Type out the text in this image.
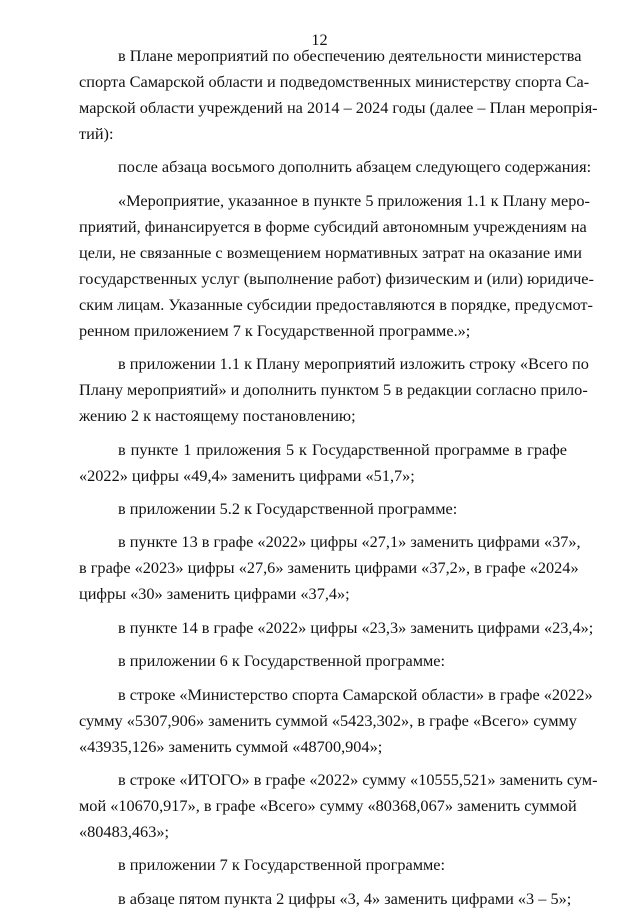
12
в Плане мероприятий по обеспечению деятельности министерства
спорта Самарской области и подведомственных министерству спорта Са-
марской области учреждений на 2014 – 2024 годы (далее – План меропрія-
тий):
после абзаца восьмого дополнить абзацем следующего содержания:
«Мероприятие, указанное в пункте 5 приложения 1.1 к Плану меро-
приятий, финансируется в форме субсидий автономным учреждениям на
цели, не связанные с возмещением нормативных затрат на оказание ими
государственных услуг (выполнение работ) физическим и (или) юридиче-
ским лицам. Указанные субсидии предоставляются в порядке, предусмот-
ренном приложением 7 к Государственной программе.»;
в приложении 1.1 к Плану мероприятий изложить строку «Всего по
Плану мероприятий» и дополнить пунктом 5 в редакции согласно прило-
жению 2 к настоящему постановлению;
в пункте 1 приложения 5 к Государственной программе в графе
«2022» цифры «49,4» заменить цифрами «51,7»;
в приложении 5.2 к Государственной программе:
в пункте 13 в графе «2022» цифры «27,1» заменить цифрами «37»,
в графе «2023» цифры «27,6» заменить цифрами «37,2», в графе «2024»
цифры «30» заменить цифрами «37,4»;
в пункте 14 в графе «2022» цифры «23,3» заменить цифрами «23,4»;
в приложении 6 к Государственной программе:
в строке «Министерство спорта Самарской области» в графе «2022»
сумму «5307,906» заменить суммой «5423,302», в графе «Всего» сумму
«43935,126» заменить суммой «48700,904»;
в строке «ИТОГО» в графе «2022» сумму «10555,521» заменить сум-
мой «10670,917», в графе «Всего» сумму «80368,067» заменить суммой
«80483,463»;
в приложении 7 к Государственной программе:
в абзаце пятом пункта 2 цифры «3, 4» заменить цифрами «3 – 5»;
